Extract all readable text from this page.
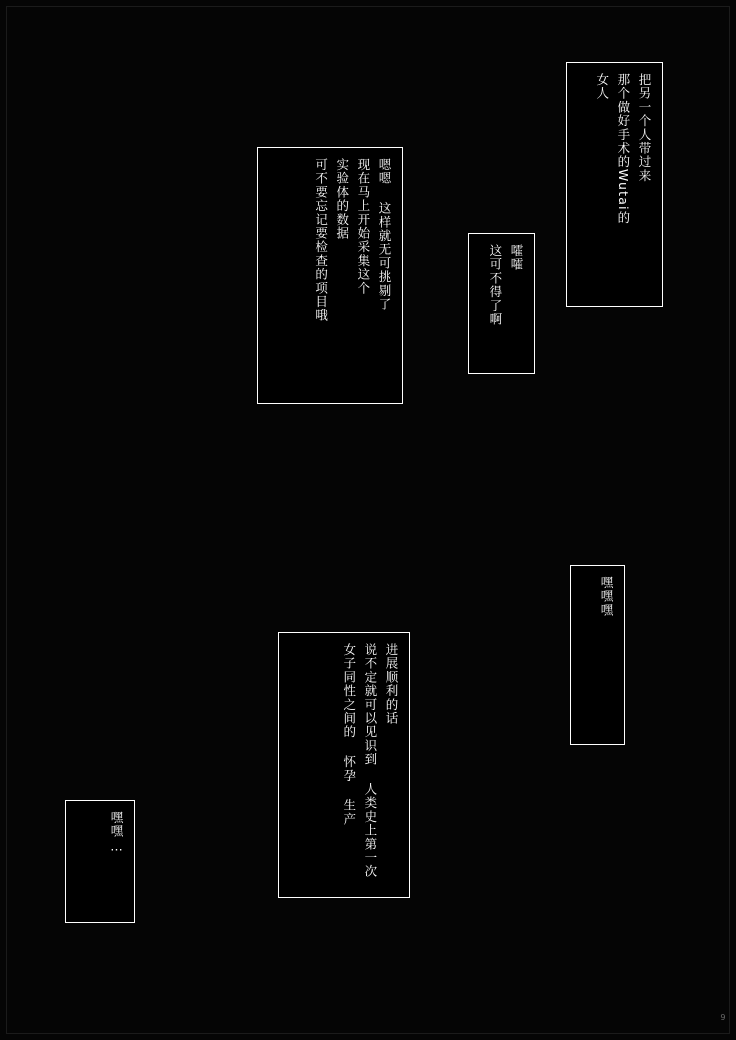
把另一个人带过来
那个做好手术的Wutai的
女人
嗯嗯 这样就无可挑剔了
现在马上开始采集这个
实验体的数据
可不要忘记要检查的项目哦	嚯嚯
这可不得了啊
进展顺利的话
说不定就可以见识到 人类史上第一次
女子同性之间的 怀孕 生产
嘿嘿嘿
嘿嘿…
9
